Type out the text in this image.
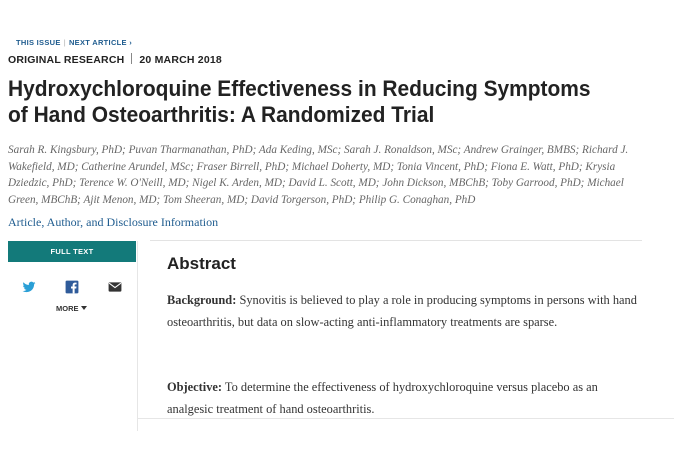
THIS ISSUE | NEXT ARTICLE ›
ORIGINAL RESEARCH 20 MARCH 2018
Hydroxychloroquine Effectiveness in Reducing Symptoms of Hand Osteoarthritis: A Randomized Trial
Sarah R. Kingsbury, PhD; Puvan Tharmanathan, PhD; Ada Keding, MSc; Sarah J. Ronaldson, MSc; Andrew Grainger, BMBS; Richard J. Wakefield, MD; Catherine Arundel, MSc; Fraser Birrell, PhD; Michael Doherty, MD; Tonia Vincent, PhD; Fiona E. Watt, PhD; Krysia Dziedzic, PhD; Terence W. O'Neill, MD; Nigel K. Arden, MD; David L. Scott, MD; John Dickson, MBChB; Toby Garrood, PhD; Michael Green, MBChB; Ajit Menon, MD; Tom Sheeran, MD; David Torgerson, PhD; Philip G. Conaghan, PhD
Article, Author, and Disclosure Information
FULL TEXT
MORE
Abstract
Background: Synovitis is believed to play a role in producing symptoms in persons with hand osteoarthritis, but data on slow-acting anti-inflammatory treatments are sparse.
Objective: To determine the effectiveness of hydroxychloroquine versus placebo as an analgesic treatment of hand osteoarthritis.
